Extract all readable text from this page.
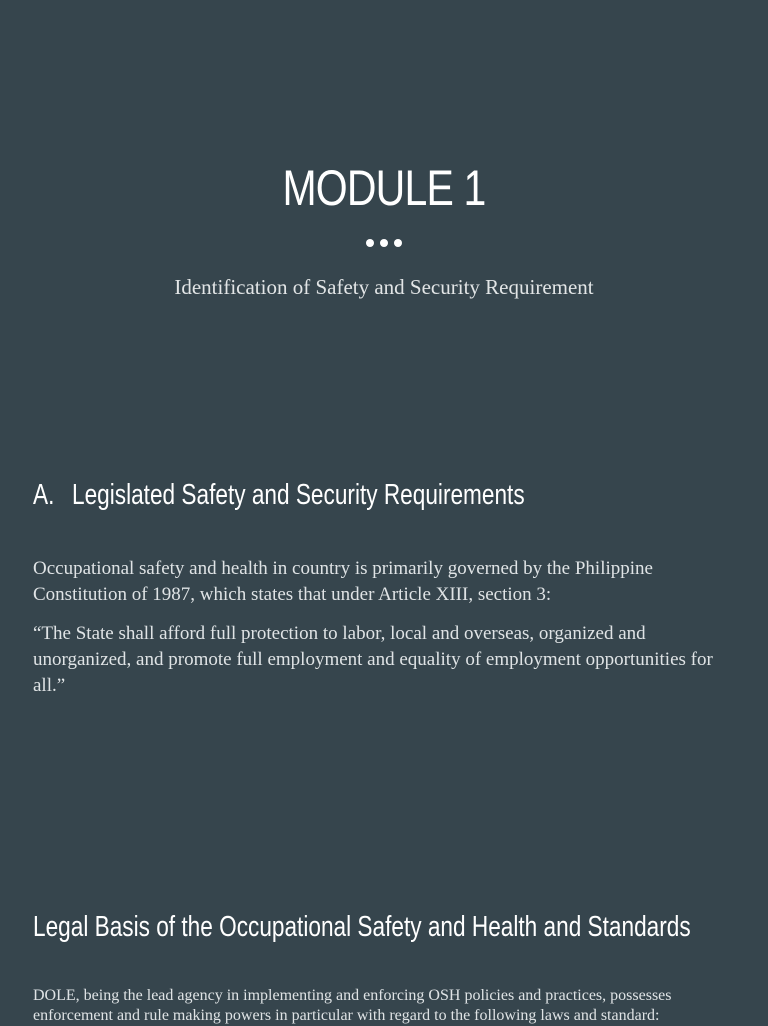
MODULE 1
Identification of Safety and Security Requirement
A. Legislated Safety and Security Requirements

Occupational safety and health in country is primarily governed by the Philippine Constitution of 1987, which states that under Article XIII, section 3:

“The State shall afford full protection to labor, local and overseas, organized and unorganized, and promote full employment and equality of employment opportunities for all.”

Legal Basis of the Occupational Safety and Health and Standards

DOLE, being the lead agency in implementing and enforcing OSH policies and practices, possesses enforcement and rule making powers in particular with regard to the following laws and standard:
